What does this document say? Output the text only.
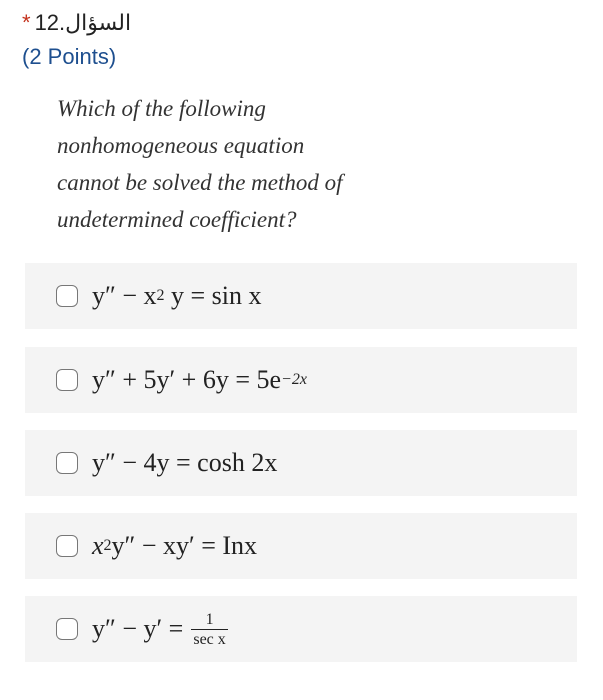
* السؤال.12
(2 Points)
Which of the following
nonhomogeneous equation
cannot be solved the method of
undetermined coefficient?
y″ − x 2
y = sin x
y″ + 5y′ + 6y = 5e −2x
y″ − 4y = cosh 2x
x 2 y″ − xy′ = Inx
$y'' - y' = \frac{1}{\text{sec x}}$
